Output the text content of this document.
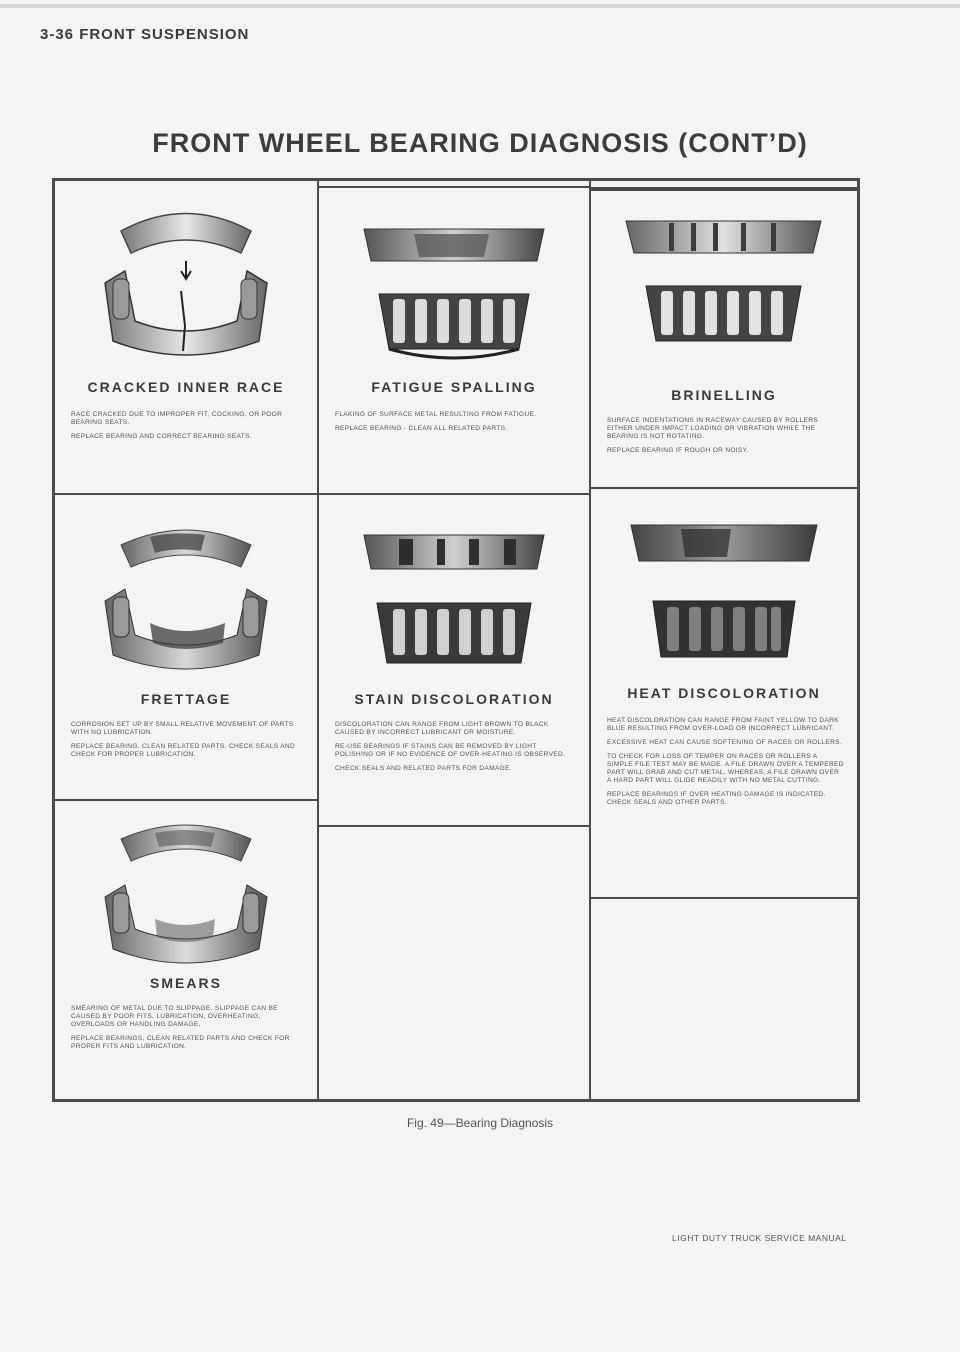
3-36 FRONT SUSPENSION
FRONT WHEEL BEARING DIAGNOSIS (CONT’D)
CRACKED INNER RACE

RACE CRACKED DUE TO IMPROPER FIT, COCKING, OR POOR BEARING SEATS.

REPLACE BEARING AND CORRECT BEARING SEATS.

FATIGUE SPALLING

FLAKING OF SURFACE METAL RESULTING FROM FATIGUE.

REPLACE BEARING - CLEAN ALL RELATED PARTS.

BRINELLING

SURFACE INDENTATIONS IN RACEWAY CAUSED BY ROLLERS EITHER UNDER IMPACT LOADING OR VIBRATION WHILE THE BEARING IS NOT ROTATING.

REPLACE BEARING IF ROUGH OR NOISY.

FRETTAGE

CORROSION SET UP BY SMALL RELATIVE MOVEMENT OF PARTS WITH NO LUBRICATION.

REPLACE BEARING. CLEAN RELATED PARTS. CHECK SEALS AND CHECK FOR PROPER LUBRICATION.

STAIN DISCOLORATION

DISCOLORATION CAN RANGE FROM LIGHT BROWN TO BLACK CAUSED BY INCORRECT LUBRICANT OR MOISTURE.

RE-USE BEARINGS IF STAINS CAN BE REMOVED BY LIGHT POLISHING OR IF NO EVIDENCE OF OVER-HEATING IS OBSERVED.

CHECK SEALS AND RELATED PARTS FOR DAMAGE.

HEAT DISCOLORATION

HEAT DISCOLORATION CAN RANGE FROM FAINT YELLOW TO DARK BLUE RESULTING FROM OVER-LOAD OR INCORRECT LUBRICANT.

EXCESSIVE HEAT CAN CAUSE SOFTENING OF RACES OR ROLLERS.

TO CHECK FOR LOSS OF TEMPER ON RACES OR ROLLERS A SIMPLE FILE TEST MAY BE MADE. A FILE DRAWN OVER A TEMPERED PART WILL GRAB AND CUT METAL, WHEREAS, A FILE DRAWN OVER A HARD PART WILL GLIDE READILY WITH NO METAL CUTTING.

REPLACE BEARINGS IF OVER HEATING DAMAGE IS INDICATED. CHECK SEALS AND OTHER PARTS.

SMEARS

SMEARING OF METAL DUE TO SLIPPAGE. SLIPPAGE CAN BE CAUSED BY POOR FITS, LUBRICATION, OVERHEATING, OVERLOADS OR HANDLING DAMAGE.

REPLACE BEARINGS, CLEAN RELATED PARTS AND CHECK FOR PROPER FITS AND LUBRICATION.

Fig. 49—Bearing Diagnosis
LIGHT DUTY TRUCK SERVICE MANUAL
